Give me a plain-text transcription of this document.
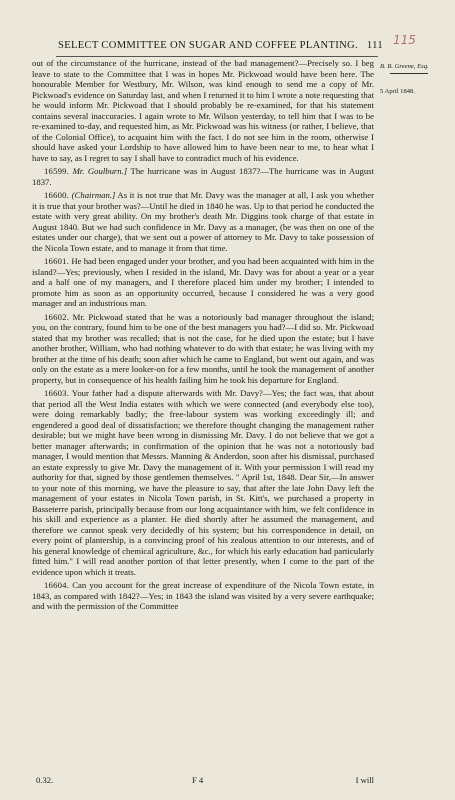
SELECT COMMITTEE ON SUGAR AND COFFEE PLANTING. 111 115
B. B. Greene, Esq.
5 April 1848.

out of the circumstance of the hurricane, instead of the bad management?—Precisely so. I beg leave to state to the Committee that I was in hopes Mr. Pickwoad would have been here. The honourable Member for Westbury, Mr. Wilson, was kind enough to send me a copy of Mr. Pickwoad's evidence on Saturday last, and when I returned it to him I wrote a note requesting that he would inform Mr. Pickwoad that I should probably be re-examined, for that his statement contains several inaccuracies. I again wrote to Mr. Wilson yesterday, to tell him that I was to be re-examined to-day, and requested him, as Mr. Pickwoad was his witness (or rather, I believe, that of the Colonial Office), to acquaint him with the fact. I do not see him in the room, otherwise I should have asked your Lordship to have allowed him to have been near to me, to hear what I have to say, as I regret to say I shall have to contradict much of his evidence.

16599. Mr. Goulburn.] The hurricane was in August 1837?—The hurricane was in August 1837.

16600. (Chairman.] As it is not true that Mr. Davy was the manager at all, I ask you whether it is true that your brother was?—Until he died in 1840 he was. Up to that period he conducted the estate with very great ability. On my brother's death Mr. Diggins took charge of that estate in August 1840. But we had such confidence in Mr. Davy as a manager, (he was then on one of the estates under our charge), that we sent out a power of attorney to Mr. Davy to take possession of the Nicola Town estate, and to manage it from that time.

16601. He had been engaged under your brother, and you had been acquainted with him in the island?—Yes; previously, when I resided in the island, Mr. Davy was for about a year or a year and a half one of my managers, and I therefore placed him under my brother; I intended to promote him as soon as an opportunity occurred, because I considered he was a very good manager and an industrious man.

16602. Mr. Pickwoad stated that he was a notoriously bad manager throughout the island; you, on the contrary, found him to be one of the best managers you had?—I did so. Mr. Pickwoad stated that my brother was recalled; that is not the case, for he died upon the estate; but I have another brother, William, who had nothing whatever to do with that estate; he was living with my brother at the time of his death; soon after which he came to England, but went out again, and was only on the estate as a mere looker-on for a few months, until he took the management of another property, but in consequence of his health failing him he took his departure for England.

16603. Your father had a dispute afterwards with Mr. Davy?—Yes; the fact was, that about that period all the West India estates with which we were connected (and everybody else too), were doing remarkably badly; the free-labour system was working exceedingly ill; and engendered a good deal of dissatisfaction; we therefore thought changing the management rather desirable; but we might have been wrong in dismissing Mr. Davy. I do not believe that we got a better manager afterwards; in confirmation of the opinion that he was not a notoriously bad manager, I would mention that Messrs. Manning & Anderdon, soon after his dismissal, purchased an estate expressly to give Mr. Davy the management of it. With your permission I will read my authority for that, signed by those gentlemen themselves. " April 1st, 1848. Dear Sir,—In answer to your note of this morning, we have the pleasure to say, that after the late John Davy left the management of your estates in Nicola Town parish, in St. Kitt's, we purchased a property in Basseterre parish, principally because from our long acquaintance with him, we felt confidence in his skill and experience as a planter. He died shortly after he assumed the management, and therefore we cannot speak very decidedly of his system; but his correspondence in detail, on every point of plantership, is a convincing proof of his zealous attention to our interests, and of his general knowledge of chemical agriculture, &c., for which his early education had particularly fitted him." I will read another portion of that letter presently, when I come to the part of the evidence upon which it treats.

16604. Can you account for the great increase of expenditure of the Nicola Town estate, in 1843, as compared with 1842?—Yes; in 1843 the island was visited by a very severe earthquake; and with the permission of the Committee

0.32.	F 4	I will
